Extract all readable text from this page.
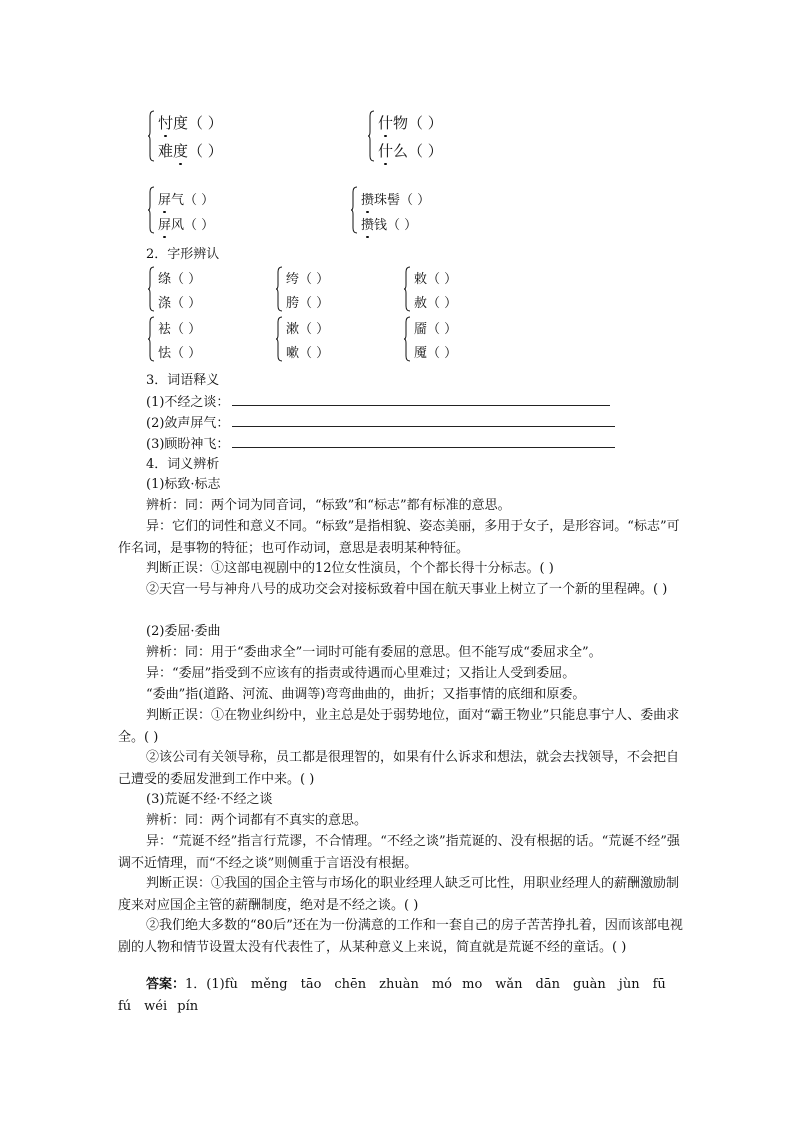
忖度（ ）
难度（ ）
什物（ ）
什么（ ）
屏气（ ）
屏风（ ）
攒珠髻（ ）
攒钱（ ）
2．字形辨认
绦（ ）
涤（ ）
绔（ ）
胯（ ）
敕（ ）
赦（ ）
袪（ ）
怯（ ）
漱（ ）
嗽（ ）
靥（ ）
魇（ ）
3．词语释义
(1)不经之谈：
(2)敛声屏气：
(3)顾盼神飞：
4．词义辨析
(1)标致·标志
辨析：同：两个词为同音词，“标致”和“标志”都有标准的意思。
异：它们的词性和意义不同。“标致”是指相貌、姿态美丽，多用于女子，是形容词。“标志”可作名词，是事物的特征；也可作动词，意思是表明某种特征。
判断正误：①这部电视剧中的12位女性演员，个个都长得十分标志。( )
②天宫一号与神舟八号的成功交会对接标致着中国在航天事业上树立了一个新的里程碑。( )
(2)委屈·委曲
辨析：同：用于“委曲求全”一词时可能有委屈的意思。但不能写成“委屈求全”。
异：“委屈”指受到不应该有的指责或待遇而心里难过；又指让人受到委屈。
“委曲”指(道路、河流、曲调等)弯弯曲曲的，曲折；又指事情的底细和原委。
判断正误：①在物业纠纷中，业主总是处于弱势地位，面对“霸王物业”只能息事宁人、委曲求全。( )
②该公司有关领导称，员工都是很理智的，如果有什么诉求和想法，就会去找领导，不会把自己遭受的委屈发泄到工作中来。( )
(3)荒诞不经·不经之谈
辨析：同：两个词都有不真实的意思。
异：“荒诞不经”指言行荒谬，不合情理。“不经之谈”指荒诞的、没有根据的话。“荒诞不经”强调不近情理，而“不经之谈”则侧重于言语没有根据。
判断正误：①我国的国企主管与市场化的职业经理人缺乏可比性，用职业经理人的薪酬激励制度来对应国企主管的薪酬制度，绝对是不经之谈。( )
②我们绝大多数的“80后”还在为一份满意的工作和一套自己的房子苦苦挣扎着，因而该部电视剧的人物和情节设置太没有代表性了，从某种意义上来说，简直就是荒诞不经的童话。( )
答案：1．(1)fù　měng　tāo　chēn　zhuàn　mó mo　wǎn　dān　guàn　jùn　fū fú　wéi pín
